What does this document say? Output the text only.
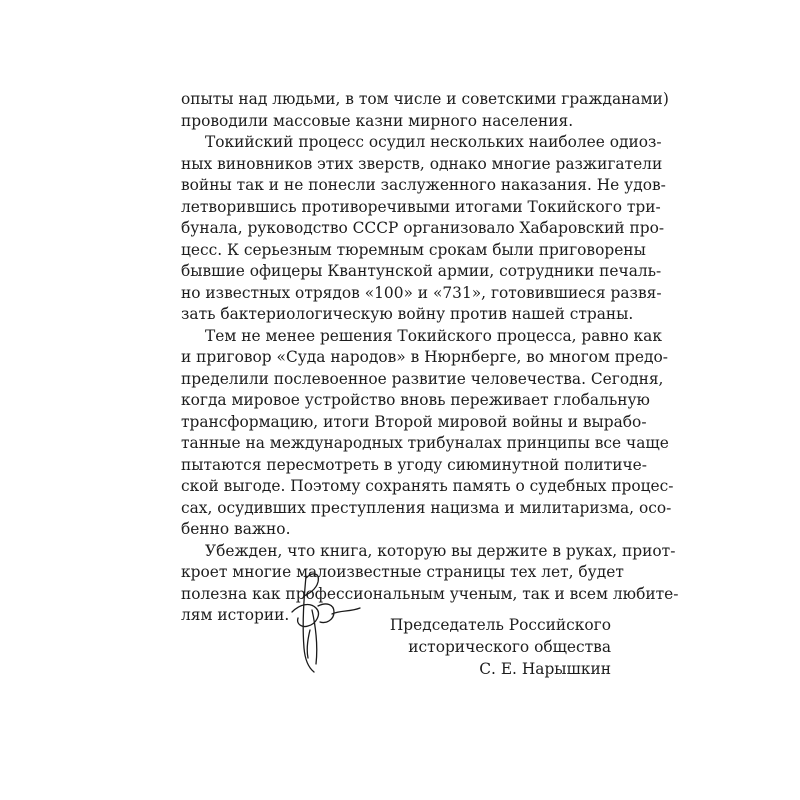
опыты над людьми, в том числе и советскими гражданами)
проводили массовые казни мирного населения.

Токийский процесс осудил нескольких наиболее одиоз-
ных виновников этих зверств, однако многие разжигатели
войны так и не понесли заслуженного наказания. Не удов-
летворившись противоречивыми итогами Токийского три-
бунала, руководство СССР организовало Хабаровский про-
цесс. К серьезным тюремным срокам были приговорены
бывшие офицеры Квантунской армии, сотрудники печаль-
но известных отрядов «100» и «731», готовившиеся развя-
зать бактериологическую войну против нашей страны.

Тем не менее решения Токийского процесса, равно как
и приговор «Суда народов» в Нюрнберге, во многом предо-
пределили послевоенное развитие человечества. Сегодня,
когда мировое устройство вновь переживает глобальную
трансформацию, итоги Второй мировой войны и вырабо-
танные на международных трибуналах принципы все чаще
пытаются пересмотреть в угоду сиюминутной политиче-
ской выгоде. Поэтому сохранять память о судебных процес-
сах, осудивших преступления нацизма и милитаризма, осо-
бенно важно.

Убежден, что книга, которую вы держите в руках, приот-
кроет многие малоизвестные страницы тех лет, будет
полезна как профессиональным ученым, так и всем любите-
лям истории.

Председатель Российского
исторического общества
С. Е. Нарышкин
